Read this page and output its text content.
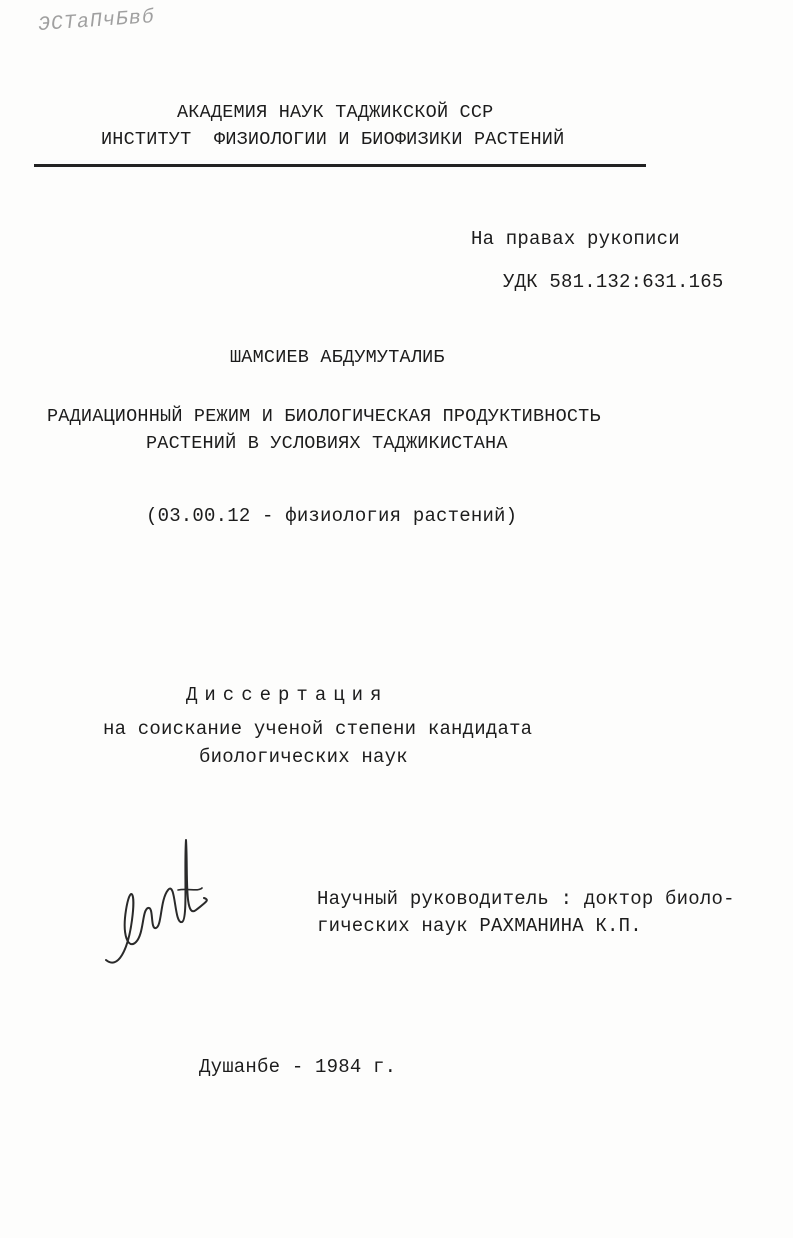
ЭСТаПчБвб
АКАДЕМИЯ НАУК ТАДЖИКСКОЙ ССР
ИНСТИТУТ  ФИЗИОЛОГИИ И БИОФИЗИКИ РАСТЕНИЙ
На правах рукописи
УДК 581.132:631.165
ШАМСИЕВ АБДУМУТАЛИБ
РАДИАЦИОННЫЙ РЕЖИМ И БИОЛОГИЧЕСКАЯ ПРОДУКТИВНОСТЬ
РАСТЕНИЙ В УСЛОВИЯХ ТАДЖИКИСТАНА
(03.00.12 - физиология растений)
Диссертация
на соискание ученой степени кандидата
биологических наук
Научный руководитель : доктор биоло-
гических наук РАХМАНИНА К.П.
Душанбе - 1984 г.
